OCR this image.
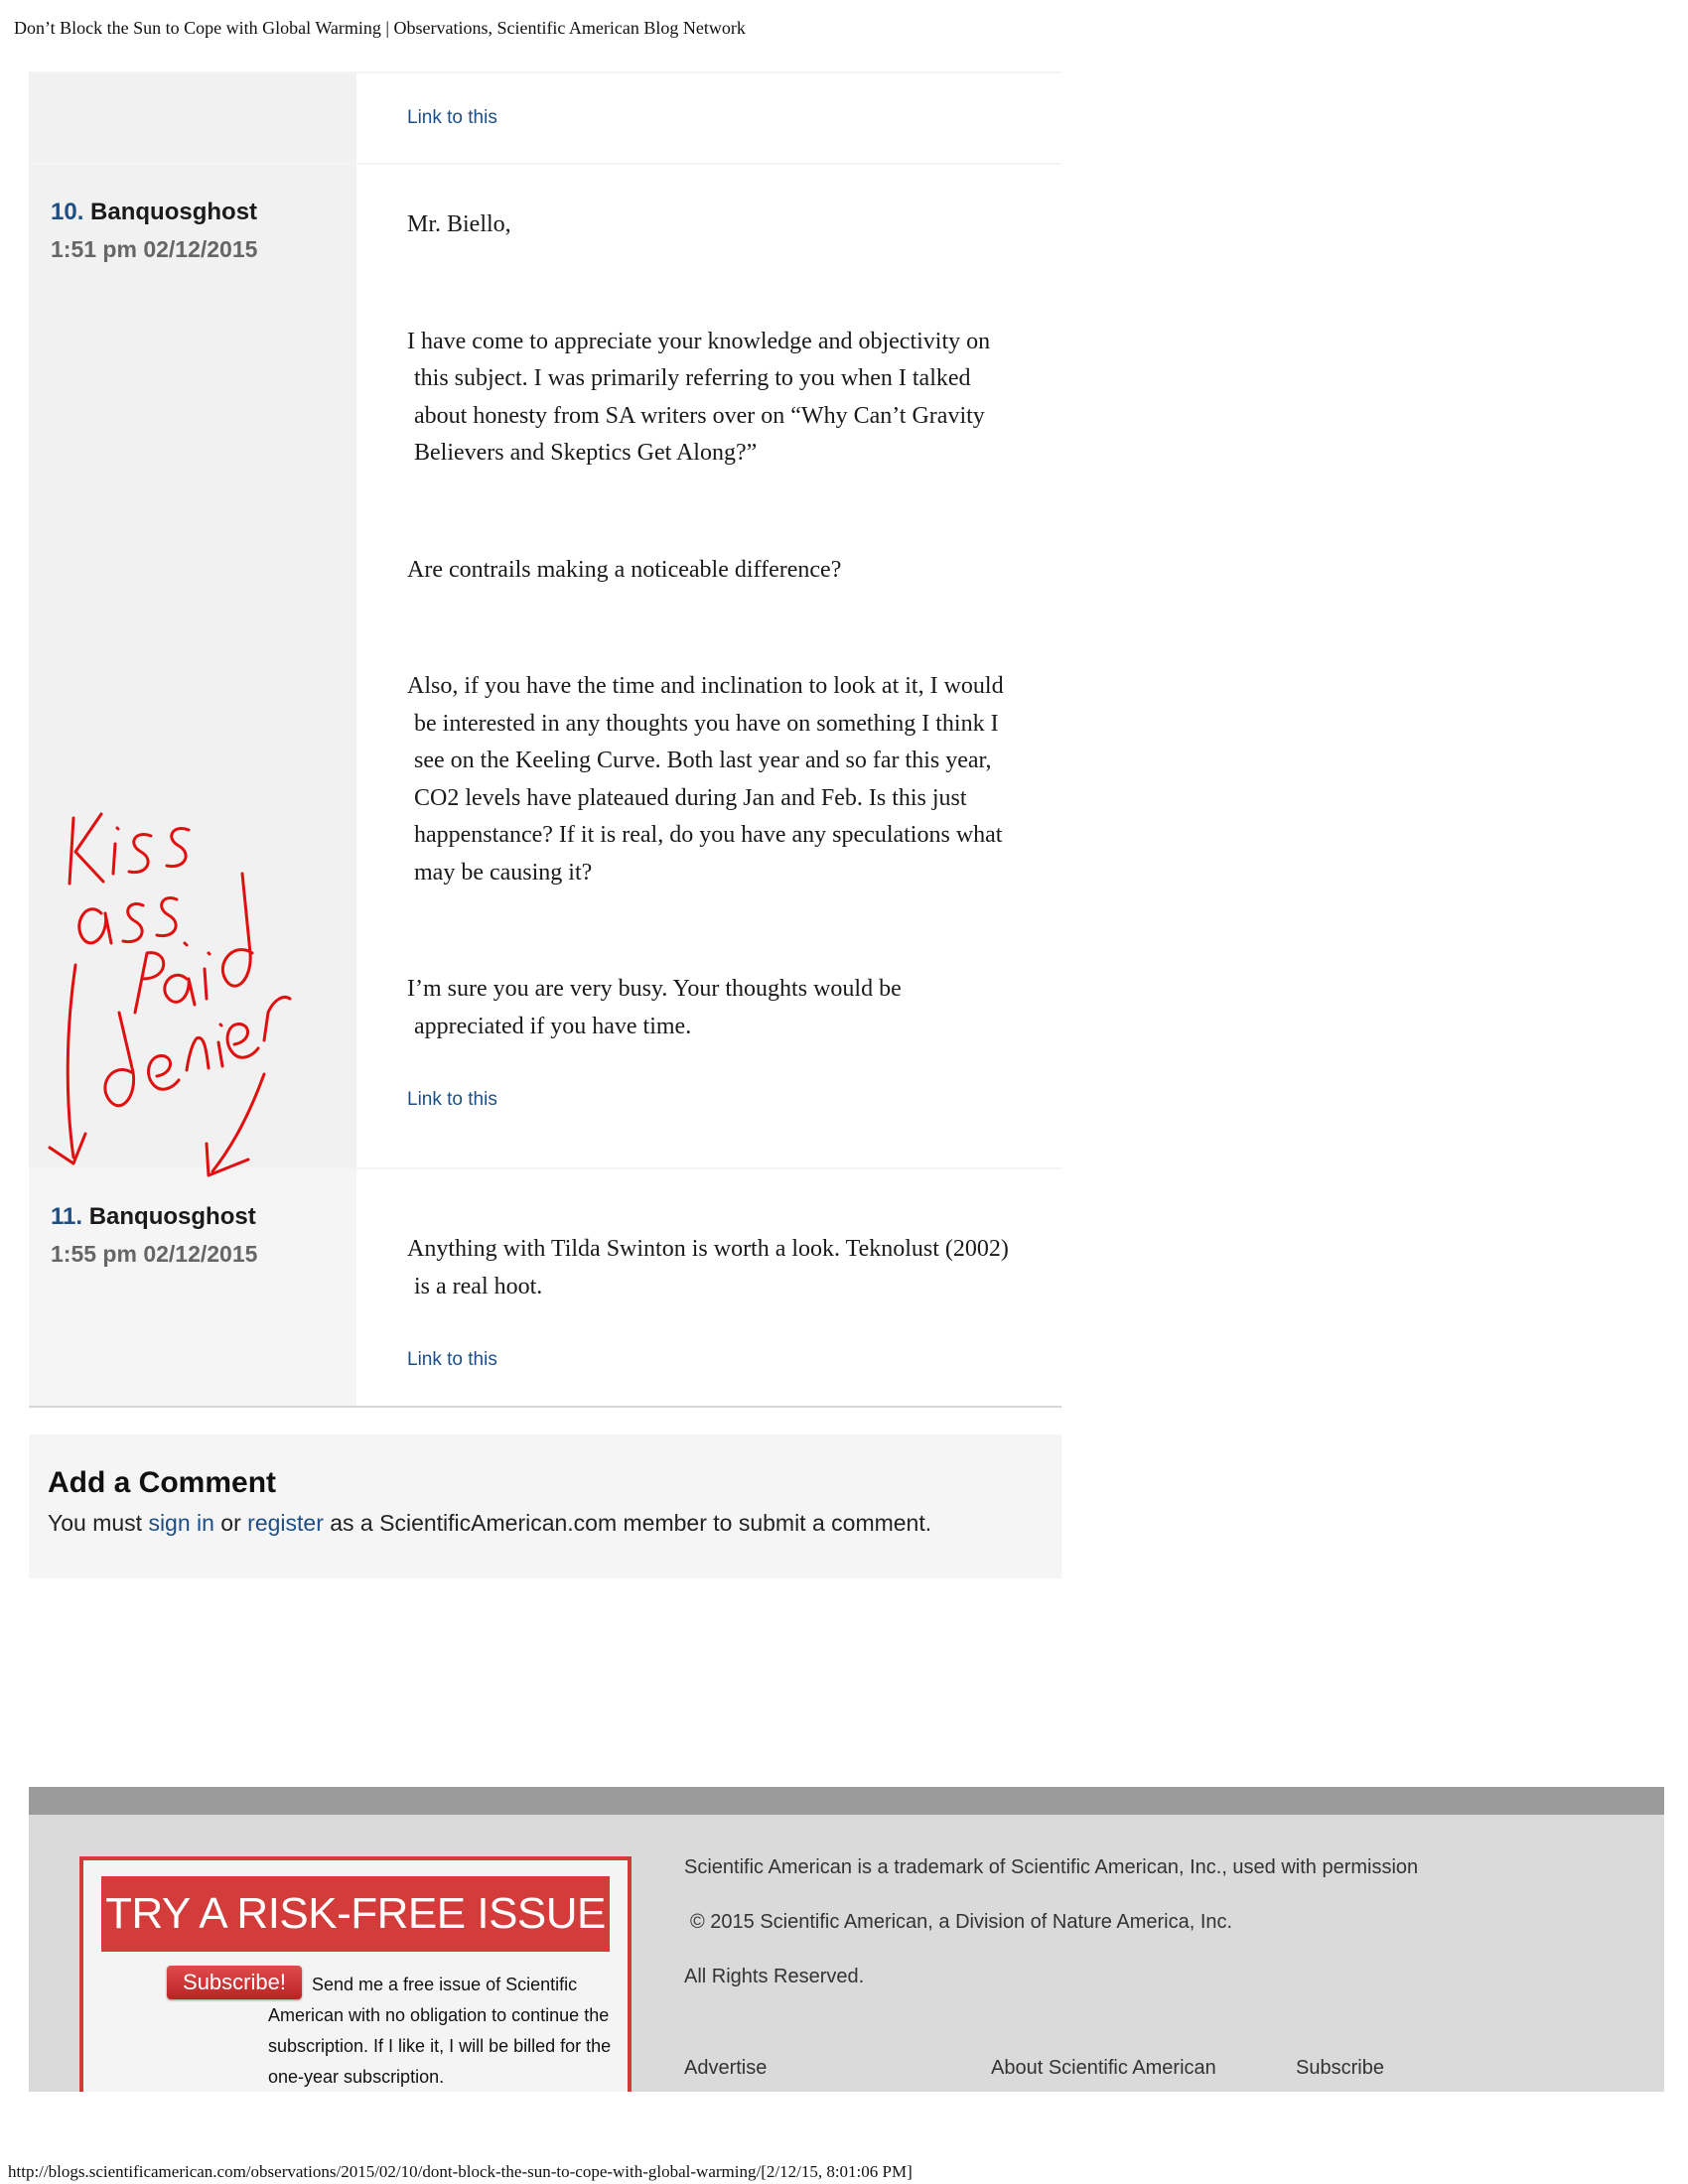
Don’t Block the Sun to Cope with Global Warming | Observations, Scientific American Blog Network
Link to this
10. Banquosghost
1:51 pm 02/12/2015

Mr. Biello,

I have come to appreciate your knowledge and objectivity on
this subject. I was primarily referring to you when I talked
about honesty from SA writers over on “Why Can’t Gravity
Believers and Skeptics Get Along?”

Are contrails making a noticeable difference?

Also, if you have the time and inclination to look at it, I would
be interested in any thoughts you have on something I think I
see on the Keeling Curve. Both last year and so far this year,
CO2 levels have plateaued during Jan and Feb. Is this just
happenstance? If it is real, do you have any speculations what
may be causing it?

I’m sure you are very busy. Your thoughts would be
appreciated if you have time.

Link to this
11. Banquosghost
1:55 pm 02/12/2015	Anything with Tilda Swinton is worth a look. Teknolust (2002)
is a real hoot.

Link to this
Add a Comment

You must sign in or register as a ScientificAmerican.com member to submit a comment.

TRY A RISK-FREE ISSUE
Send me a free issue of Scientific American with no obligation to continue the subscription. If I like it, I will be billed for the one-year subscription.
Subscribe!
Scientific American is a trademark of Scientific American, Inc., used with permission
© 2015 Scientific American, a Division of Nature America, Inc.
All Rights Reserved.
Advertise	About Scientific American	Subscribe
http://blogs.scientificamerican.com/observations/2015/02/10/dont-block-the-sun-to-cope-with-global-warming/[2/12/15, 8:01:06 PM]
